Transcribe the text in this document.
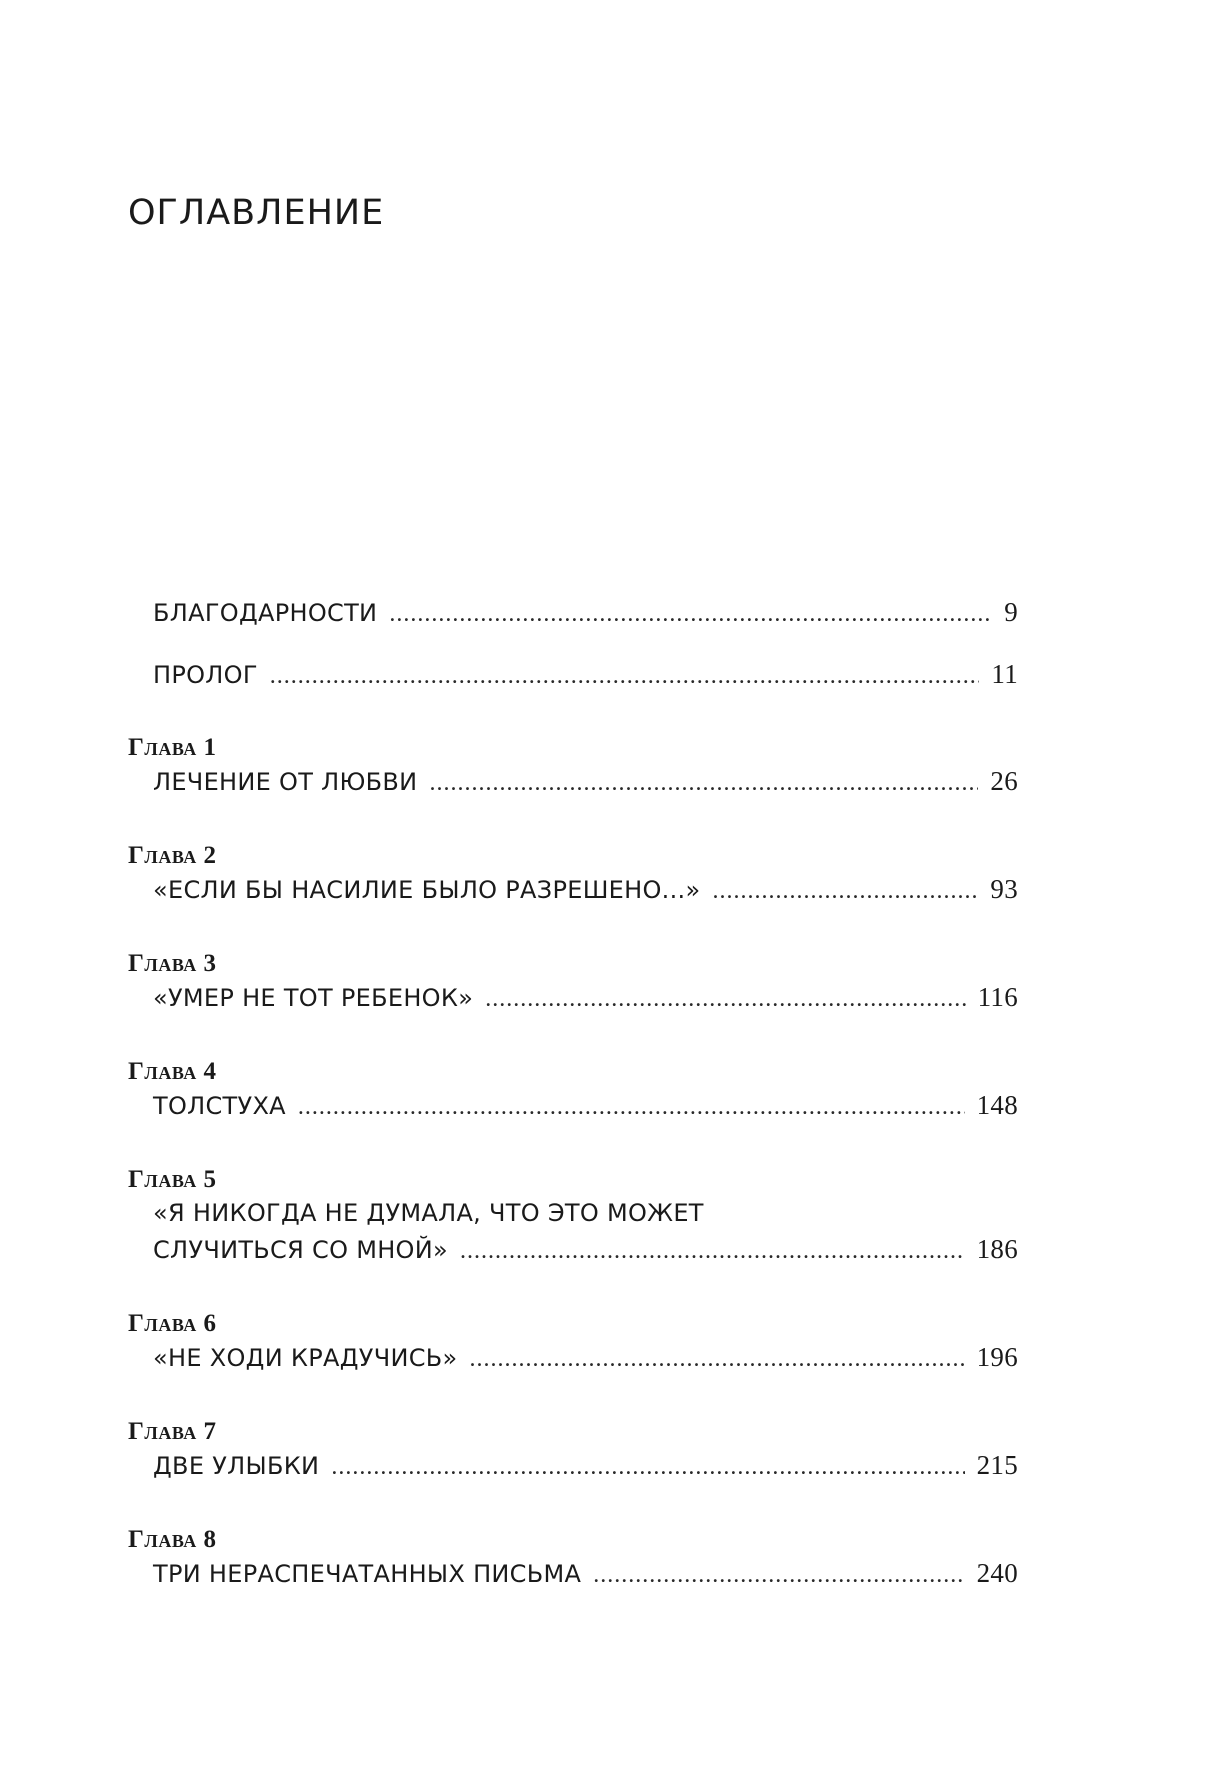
ОГЛАВЛЕНИЕ
БЛАГОДАРНОСТИ .....	9
ПРОЛОГ .....	11
Глава 1
ЛЕЧЕНИЕ ОТ ЛЮБВИ .....	26
Глава 2
«ЕСЛИ БЫ НАСИЛИЕ БЫЛО РАЗРЕШЕНО...» .....	93
Глава 3
«УМЕР НЕ ТОТ РЕБЕНОК» .....	116
Глава 4
ТОЛСТУХА .....	148
Глава 5
«Я НИКОГДА НЕ ДУМАЛА, ЧТО ЭТО МОЖЕТ
СЛУЧИТЬСЯ СО МНОЙ» .....	186
Глава 6
«НЕ ХОДИ КРАДУЧИСЬ» .....	196
Глава 7
ДВЕ УЛЫБКИ .....	215
Глава 8
ТРИ НЕРАСПЕЧАТАННЫХ ПИСЬМА .....	240
